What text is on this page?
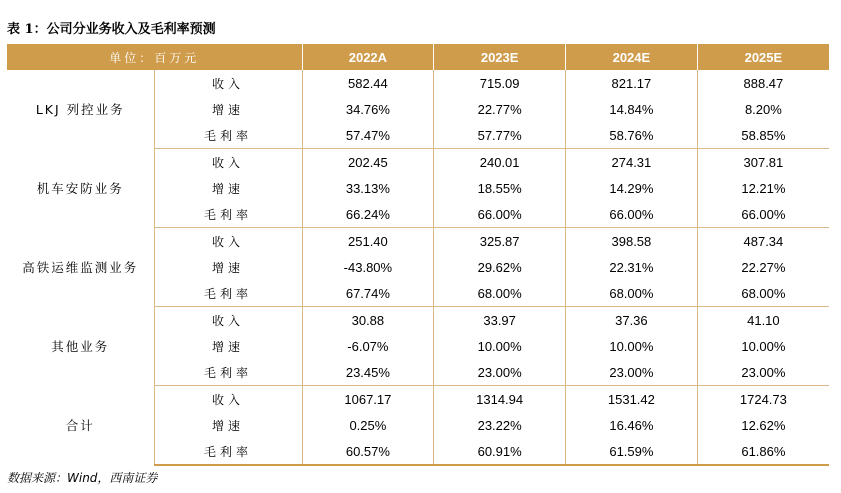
表 1：公司分业务收入及毛利率预测
单位：百万元		2022A	2023E	2024E	2025E
LKJ 列控业务	收入	582.44	715.09	821.17	888.47
	增速	34.76%	22.77%	14.84%	8.20%
	毛利率	57.47%	57.77%	58.76%	58.85%
机车安防业务	收入	202.45	240.01	274.31	307.81
	增速	33.13%	18.55%	14.29%	12.21%
	毛利率	66.24%	66.00%	66.00%	66.00%
高铁运维监测业务	收入	251.40	325.87	398.58	487.34
	增速	-43.80%	29.62%	22.31%	22.27%
	毛利率	67.74%	68.00%	68.00%	68.00%
其他业务	收入	30.88	33.97	37.36	41.10
	增速	-6.07%	10.00%	10.00%	10.00%
	毛利率	23.45%	23.00%	23.00%	23.00%
合计	收入	1067.17	1314.94	1531.42	1724.73
	增速	0.25%	23.22%	16.46%	12.62%
	毛利率	60.57%	60.91%	61.59%	61.86%
数据来源：Wind，西南证券
